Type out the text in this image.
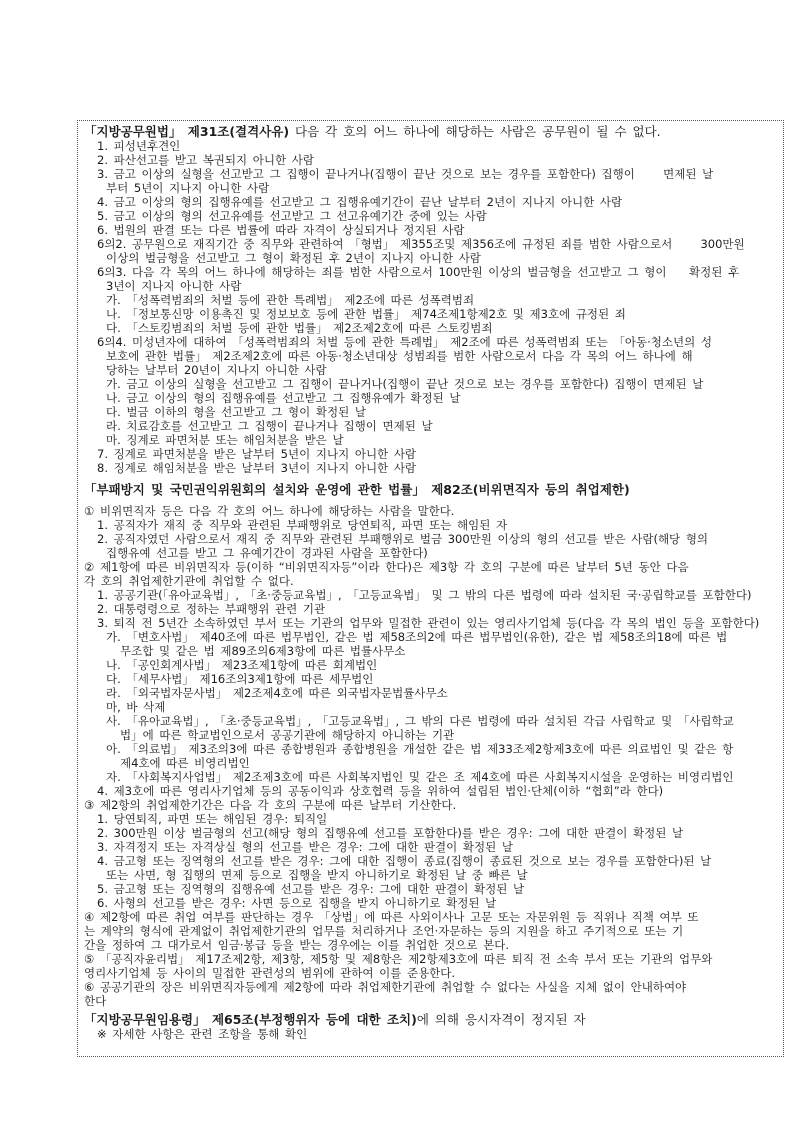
「지방공무원법」 제31조(결격사유) 다음 각 호의 어느 하나에 해당하는 사람은 공무원이 될 수 없다.
1. 피성년후견인
2. 파산선고를 받고 복권되지 아니한 사람
3. 금고 이상의 실형을 선고받고 그 집행이 끝나거나(집행이 끝난 것으로 보는 경우를 포함한다) 집행이     면제된 날
부터 5년이 지나지 아니한 사람
4. 금고 이상의 형의 집행유예를 선고받고 그 집행유예기간이 끝난 날부터 2년이 지나지 아니한 사람
5. 금고 이상의 형의 선고유예를 선고받고 그 선고유예기간 중에 있는 사람
6. 법원의 판결 또는 다른 법률에 따라 자격이 상실되거나 정지된 사람
6의2. 공무원으로 재직기간 중 직무와 관련하여 「형법」 제355조및 제356조에 규정된 죄를 범한 사람으로서     300만원
이상의 벌금형을 선고받고 그 형이 확정된 후 2년이 지나지 아니한 사람
6의3. 다음 각 목의 어느 하나에 해당하는 죄를 범한 사람으로서 100만원 이상의 벌금형을 선고받고 그 형이    확정된 후
3년이 지나지 아니한 사람
가. 「성폭력범죄의 처벌 등에 관한 특례법」 제2조에 따른 성폭력범죄
나. 「정보통신망 이용촉진 및 정보보호 등에 관한 법률」 제74조제1항제2호 및 제3호에 규정된 죄
다. 「스토킹범죄의 처벌 등에 관한 법률」 제2조제2호에 따른 스토킹범죄
6의4. 미성년자에 대하여 「성폭력범죄의 처벌 등에 관한 특례법」 제2조에 따른 성폭력범죄 또는 「아동·청소년의 성
보호에 관한 법률」 제2조제2호에 따른 아동·청소년대상 성범죄를 범한 사람으로서 다음 각 목의 어느 하나에 해
당하는 날부터 20년이 지나지 아니한 사람
가. 금고 이상의 실형을 선고받고 그 집행이 끝나거나(집행이 끝난 것으로 보는 경우를 포함한다) 집행이 면제된 날
나. 금고 이상의 형의 집행유예를 선고받고 그 집행유예가 확정된 날
다. 벌금 이하의 형을 선고받고 그 형이 확정된 날
라. 치료감호를 선고받고 그 집행이 끝나거나 집행이 면제된 날
마. 징계로 파면처분 또는 해임처분을 받은 날
7. 징계로 파면처분을 받은 날부터 5년이 지나지 아니한 사람
8. 징계로 해임처분을 받은 날부터 3년이 지나지 아니한 사람
「부패방지 및 국민권익위원회의 설치와 운영에 관한 법률」 제82조(비위면직자 등의 취업제한)
① 비위면직자 등은 다음 각 호의 어느 하나에 해당하는 사람을 말한다.
1. 공직자가 재직 중 직무와 관련된 부패행위로 당연퇴직, 파면 또는 해임된 자
2. 공직자였던 사람으로서 재직 중 직무와 관련된 부패행위로 벌금 300만원 이상의 형의 선고를 받은 사람(해당 형의
집행유예 선고를 받고 그 유예기간이 경과된 사람을 포함한다)
② 제1항에 따른 비위면직자 등(이하 “비위면직자등”이라 한다)은 제3항 각 호의 구분에 따른 날부터 5년 동안 다음
각 호의 취업제한기관에 취업할 수 없다.
1. 공공기관(「유아교육법」, 「초·중등교육법」, 「고등교육법」 및 그 밖의 다른 법령에 따라 설치된 국·공립학교를 포함한다)
2. 대통령령으로 정하는 부패행위 관련 기관
3. 퇴직 전 5년간 소속하였던 부서 또는 기관의 업무와 밀접한 관련이 있는 영리사기업체 등(다음 각 목의 법인 등을 포함한다)
가. 「변호사법」 제40조에 따른 법무법인, 같은 법 제58조의2에 따른 법무법인(유한), 같은 법 제58조의18에 따른 법
무조합 및 같은 법 제89조의6제3항에 따른 법률사무소
나. 「공인회계사법」 제23조제1항에 따른 회계법인
다. 「세무사법」 제16조의3제1항에 따른 세무법인
라. 「외국법자문사법」 제2조제4호에 따른 외국법자문법률사무소
마, 바 삭제
사. 「유아교육법」, 「초·중등교육법」, 「고등교육법」, 그 밖의 다른 법령에 따라 설치된 각급 사립학교 및 「사립학교
법」에 따른 학교법인으로서 공공기관에 해당하지 아니하는 기관
아. 「의료법」 제3조의3에 따른 종합병원과 종합병원을 개설한 같은 법 제33조제2항제3호에 따른 의료법인 및 같은 항
제4호에 따른 비영리법인
자. 「사회복지사업법」 제2조제3호에 따른 사회복지법인 및 같은 조 제4호에 따른 사회복지시설을 운영하는 비영리법인
4. 제3호에 따른 영리사기업체 등의 공동이익과 상호협력 등을 위하여 설립된 법인·단체(이하 “협회”라 한다)
③ 제2항의 취업제한기간은 다음 각 호의 구분에 따른 날부터 기산한다.
1. 당연퇴직, 파면 또는 해임된 경우: 퇴직일
2. 300만원 이상 벌금형의 선고(해당 형의 집행유예 선고를 포함한다)를 받은 경우: 그에 대한 판결이 확정된 날
3. 자격정지 또는 자격상실 형의 선고를 받은 경우: 그에 대한 판결이 확정된 날
4. 금고형 또는 징역형의 선고를 받은 경우: 그에 대한 집행이 종료(집행이 종료된 것으로 보는 경우를 포함한다)된 날
또는 사면, 형 집행의 면제 등으로 집행을 받지 아니하기로 확정된 날 중 빠른 날
5. 금고형 또는 징역형의 집행유예 선고를 받은 경우: 그에 대한 판결이 확정된 날
6. 사형의 선고를 받은 경우: 사면 등으로 집행을 받지 아니하기로 확정된 날
④ 제2항에 따른 취업 여부를 판단하는 경우 「상법」에 따른 사외이사나 고문 또는 자문위원 등 직위나 직책 여부 또
는 계약의 형식에 관계없이 취업제한기관의 업무를 처리하거나 조언·자문하는 등의 지원을 하고 주기적으로 또는 기
간을 정하여 그 대가로서 임금·봉급 등을 받는 경우에는 이를 취업한 것으로 본다.
⑤ 「공직자윤리법」 제17조제2항, 제3항, 제5항 및 제8항은 제2항제3호에 따른 퇴직 전 소속 부서 또는 기관의 업무와
영리사기업체 등 사이의 밀접한 관련성의 범위에 관하여 이를 준용한다.
⑥ 공공기관의 장은 비위면직자등에게 제2항에 따라 취업제한기관에 취업할 수 없다는 사실을 지체 없이 안내하여야
한다
「지방공무원임용령」 제65조(부정행위자 등에 대한 조치)에 의해 응시자격이 정지된 자
※ 자세한 사항은 관련 조항을 통해 확인
